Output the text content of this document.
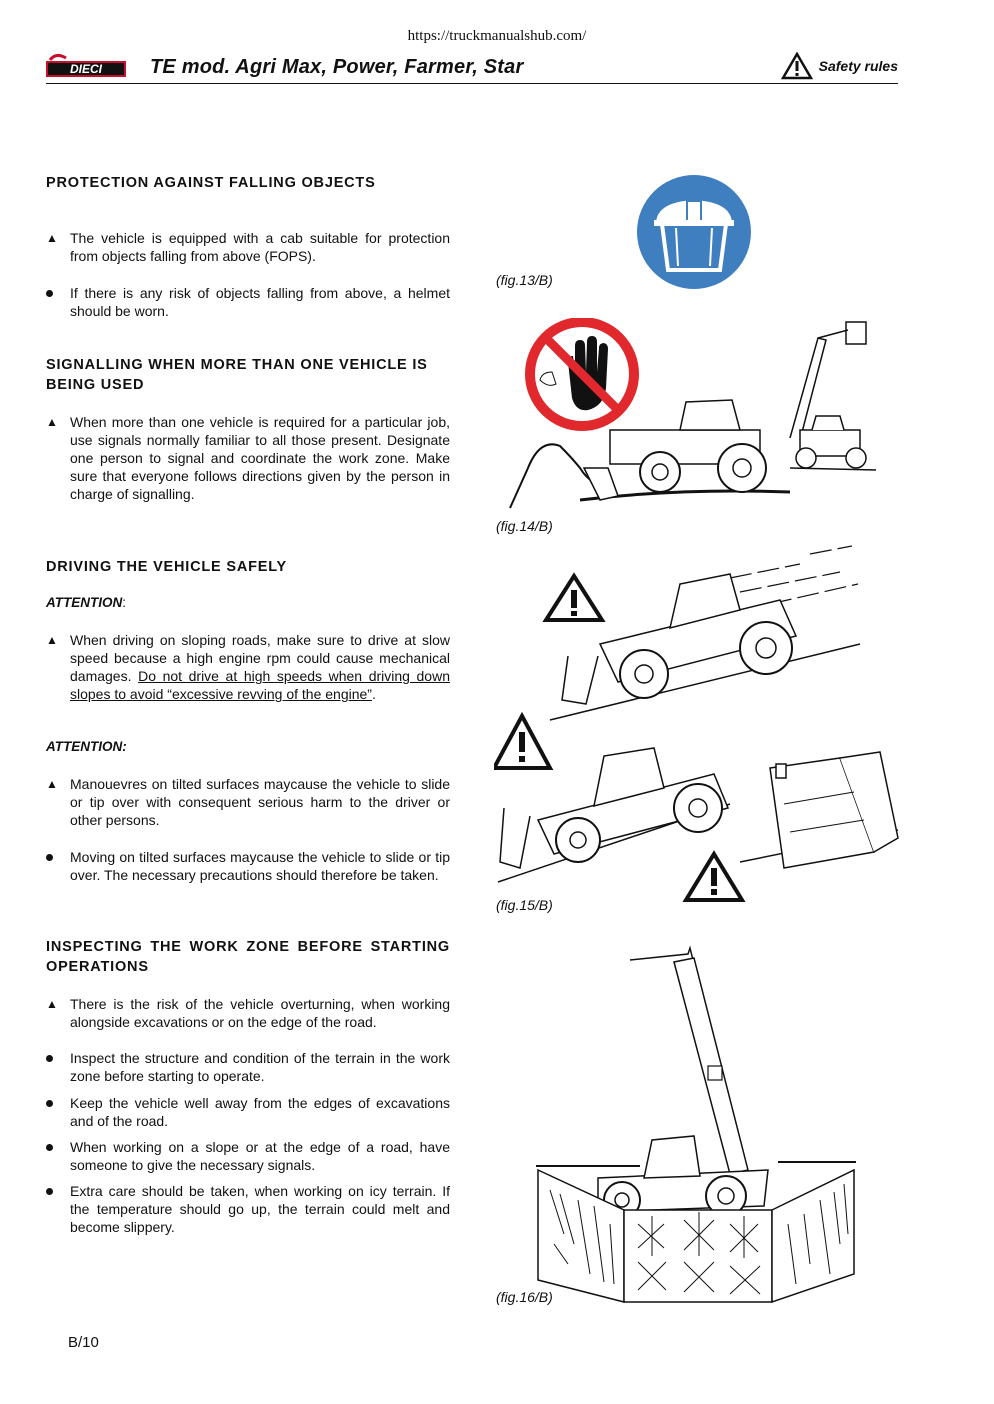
https://truckmanualshub.com/
DIECI TE mod. Agri Max, Power, Farmer, Star	Safety rules
PROTECTION AGAINST FALLING OBJECTS
▲ The vehicle is equipped with a cab suitable for protection from objects falling from above (FOPS).
If there is any risk of objects falling from above, a helmet should be worn.
SIGNALLING WHEN MORE THAN ONE VEHICLE IS BEING USED
▲ When more than one vehicle is required for a particular job, use signals normally familiar to all those present. Designate one person to signal and coordinate the work zone. Make sure that everyone follows directions given by the person in charge of signalling.
DRIVING THE VEHICLE SAFELY
ATTENTION:
▲ When driving on sloping roads, make sure to drive at slow speed because a high engine rpm could cause mechanical damages. Do not drive at high speeds when driving down slopes to avoid “excessive revving of the engine”.
ATTENTION:
▲ Manouevres on tilted surfaces maycause the vehicle to slide or tip over with consequent serious harm to the driver or other persons.
Moving on tilted surfaces maycause the vehicle to slide or tip over. The necessary precautions should therefore be taken.
INSPECTING THE WORK ZONE BEFORE STARTING OPERATIONS
▲ There is the risk of the vehicle overturning, when working alongside excavations or on the edge of the road.
Inspect the structure and condition of the terrain in the work zone before starting to operate.
Keep the vehicle well away from the edges of excavations and of the road.
When working on a slope or at the edge of a road, have someone to give the necessary signals.
Extra care should be taken, when working on icy terrain. If the temperature should go up, the terrain could melt and become slippery.
(fig.13/B)
(fig.14/B)
(fig.15/B)
(fig.16/B)
B/10
